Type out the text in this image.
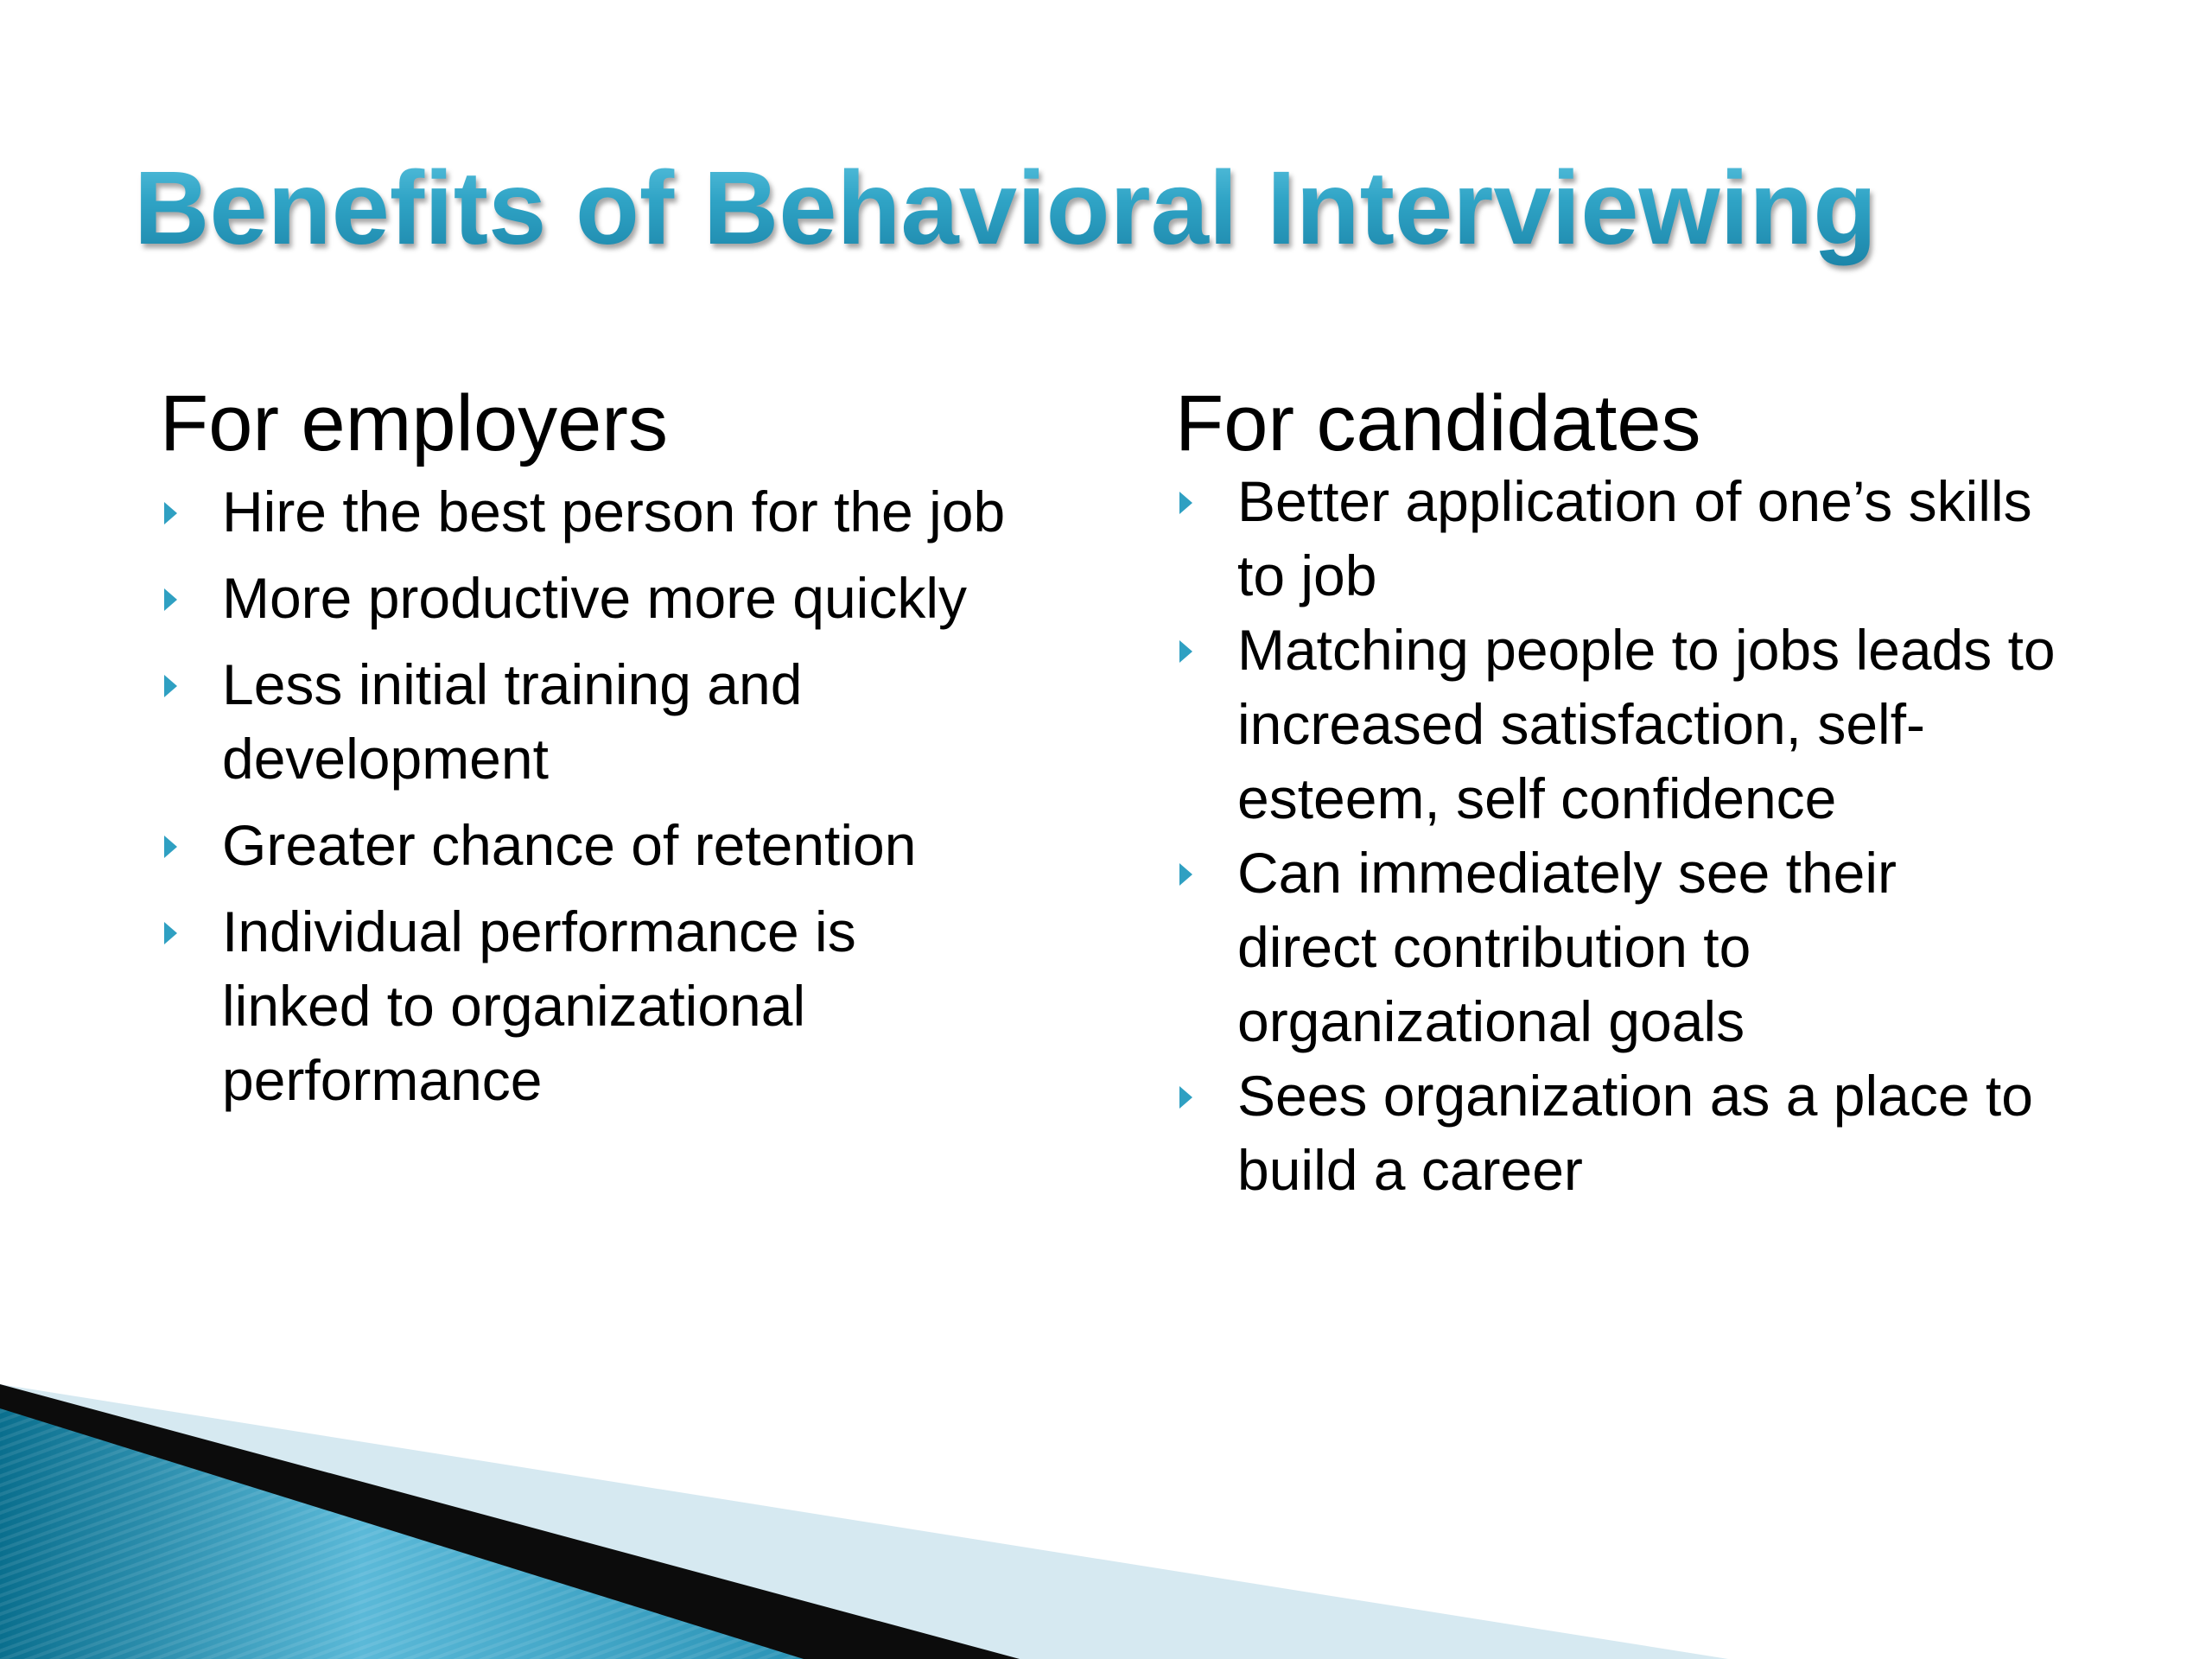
Benefits of Behavioral Interviewing
For employers
Hire the best person for the job
More productive more quickly
Less initial training and development
Greater chance of retention
Individual performance is linked to organizational performance
For candidates
Better application of one’s skills to job
Matching people to jobs leads to increased satisfaction, self-esteem, self confidence
Can immediately see their direct contribution to organizational goals
Sees organization as a place to build a career
